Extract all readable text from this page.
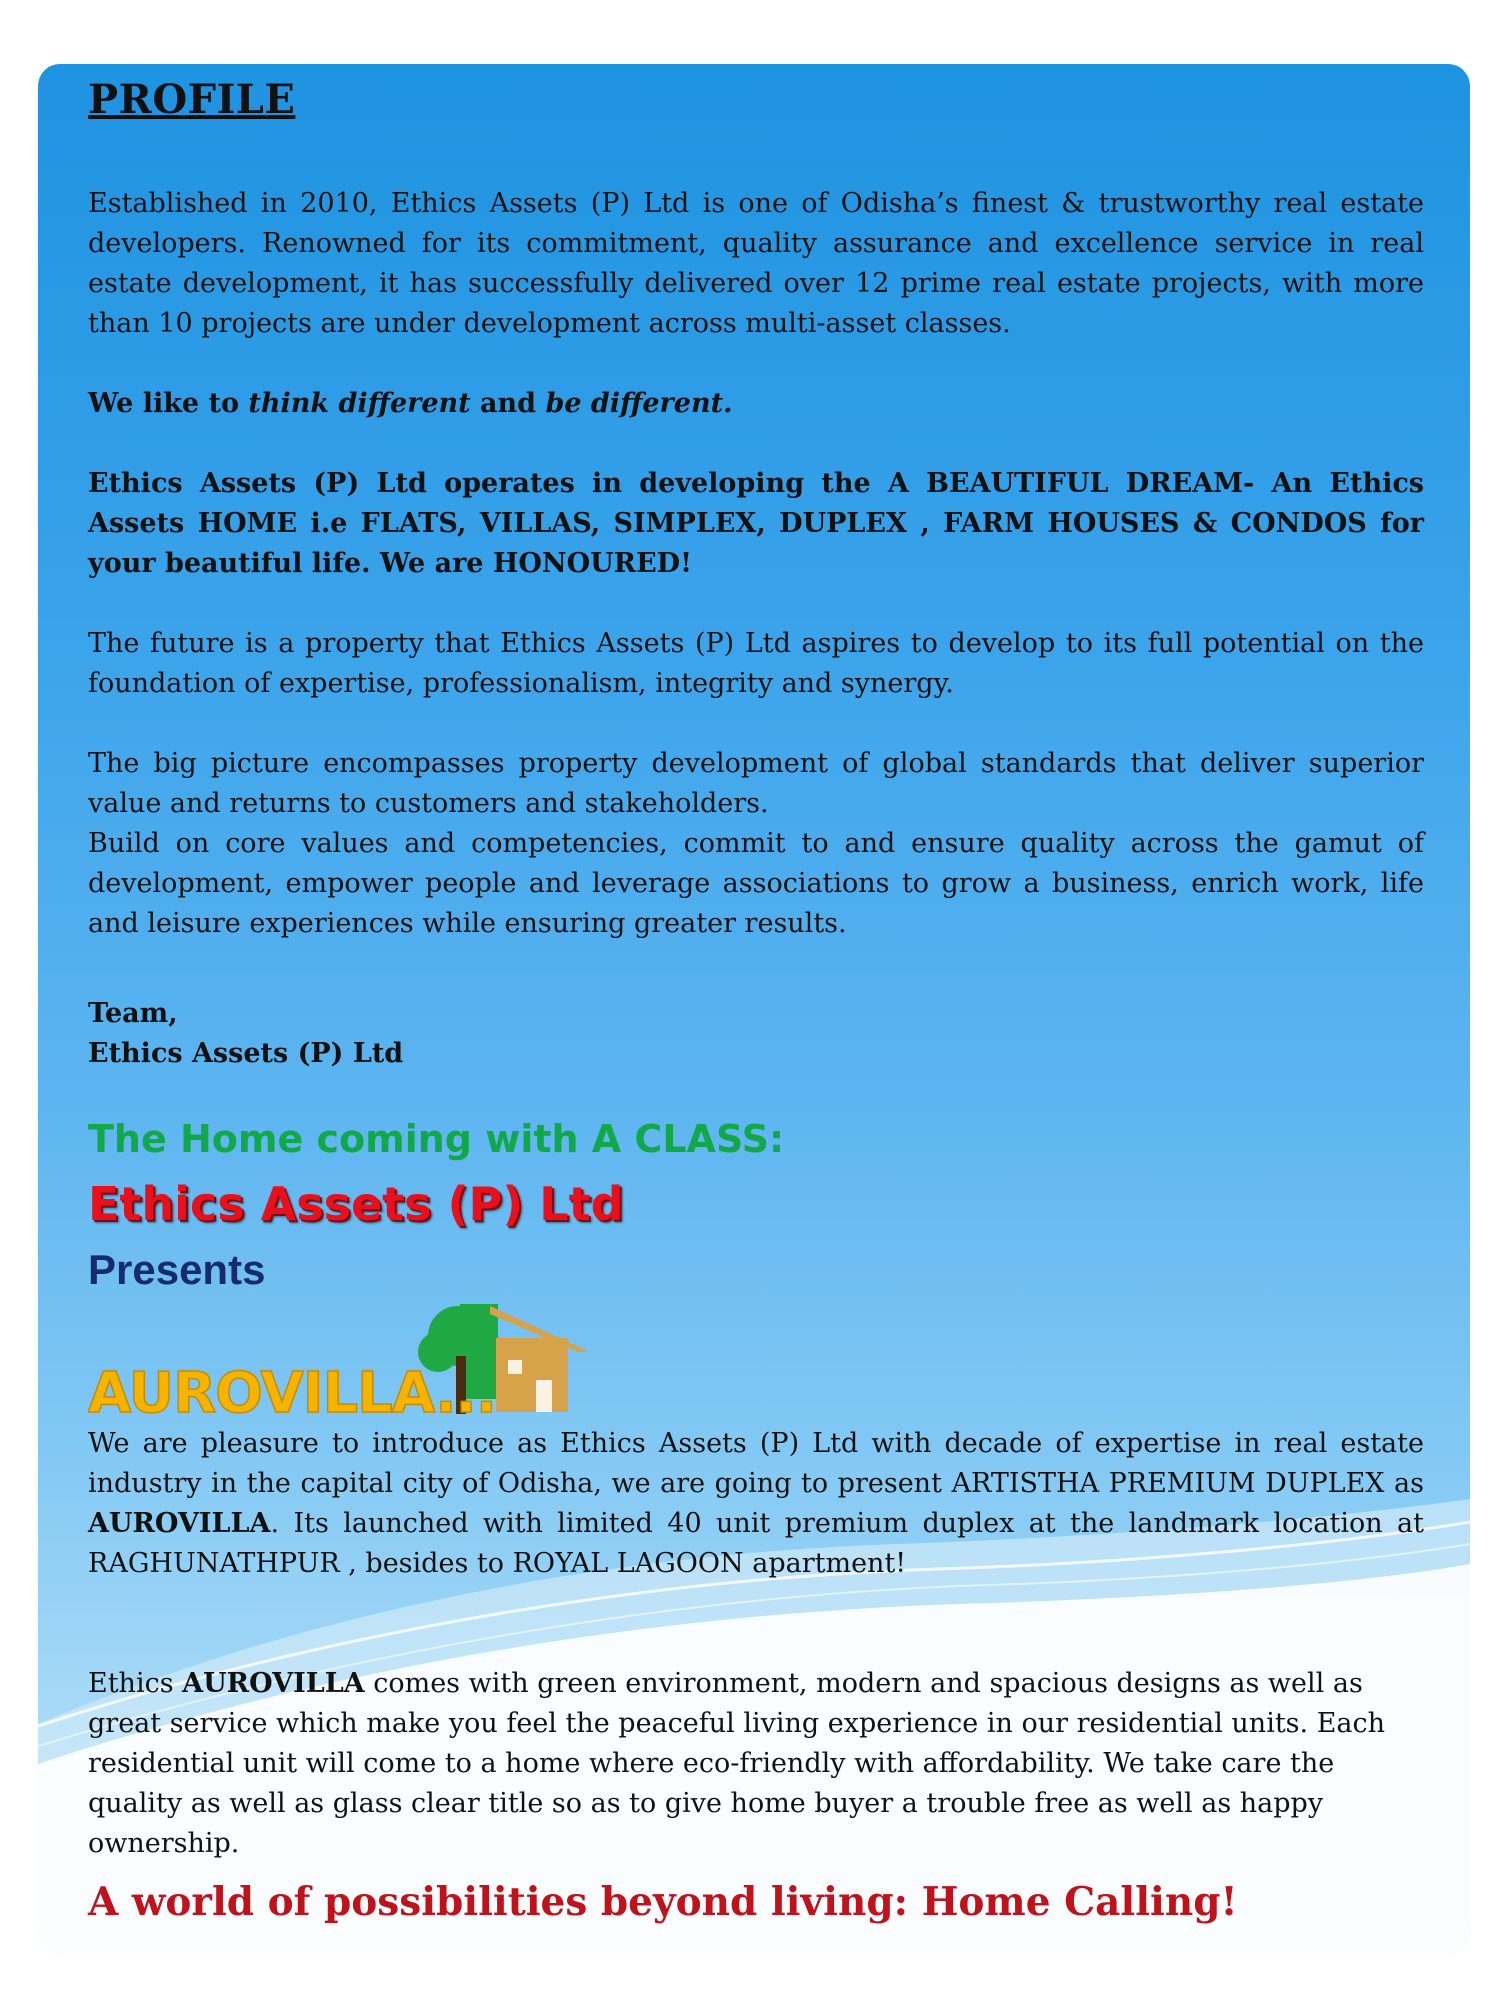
PROFILE

Established in 2010, Ethics Assets (P) Ltd is one of Odisha’s finest & trustworthy real estate developers. Renowned for its commitment, quality assurance and excellence service in real estate development, it has successfully delivered over 12 prime real estate projects, with more than 10 projects are under development across multi-asset classes.

We like to think different and be different.

Ethics Assets (P) Ltd operates in developing the A BEAUTIFUL DREAM- An Ethics Assets HOME i.e FLATS, VILLAS, SIMPLEX, DUPLEX , FARM HOUSES & CONDOS for your beautiful life. We are HONOURED!

The future is a property that Ethics Assets (P) Ltd aspires to develop to its full potential on the foundation of expertise, professionalism, integrity and synergy.

The big picture encompasses property development of global standards that deliver superior value and returns to customers and stakeholders.

Build on core values and competencies, commit to and ensure quality across the gamut of development, empower people and leverage associations to grow a business, enrich work, life and leisure experiences while ensuring greater results.

Team,

Ethics Assets (P) Ltd

The Home coming with A CLASS:

Ethics Assets (P) Ltd

Presents

AUROVILLA...

We are pleasure to introduce as Ethics Assets (P) Ltd with decade of expertise in real estate industry in the capital city of Odisha, we are going to present ARTISTHA PREMIUM DUPLEX as AUROVILLA. Its launched with limited 40 unit premium duplex at the landmark location at RAGHUNATHPUR , besides to ROYAL LAGOON apartment!

Ethics AUROVILLA comes with green environment, modern and spacious designs as well as great service which make you feel the peaceful living experience in our residential units. Each residential unit will come to a home where eco-friendly with affordability. We take care the quality as well as glass clear title so as to give home buyer a trouble free as well as happy ownership.

A world of possibilities beyond living: Home Calling!
